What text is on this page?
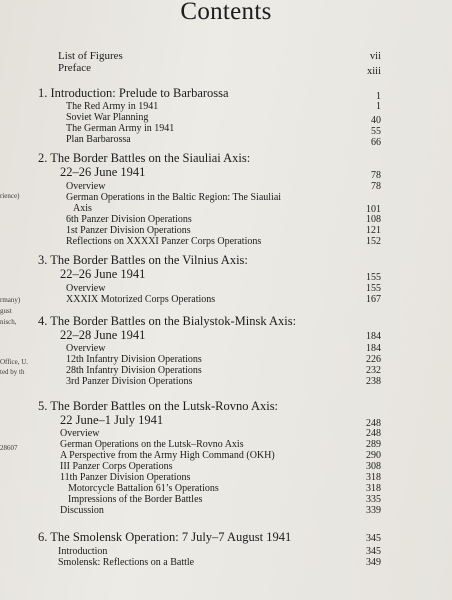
Contents
rience)
rmany)
gust
nisch,
Office, U.
ted by th
28607
List of Figures	vii
Preface	xiii
1. Introduction: Prelude to Barbarossa	1
The Red Army in 1941	1
Soviet War Planning	40
The German Army in 1941	55
Plan Barbarossa	66
2. The Border Battles on the Siauliai Axis:
22–26 June 1941	78
Overview	78
German Operations in the Baltic Region: The Siauliai
Axis	101
6th Panzer Division Operations	108
1st Panzer Division Operations	121
Reflections on XXXXI Panzer Corps Operations	152
3. The Border Battles on the Vilnius Axis:
22–26 June 1941	155
Overview	155
XXXIX Motorized Corps Operations	167
4. The Border Battles on the Bialystok-Minsk Axis:
22–28 June 1941	184
Overview	184
12th Infantry Division Operations	226
28th Infantry Division Operations	232
3rd Panzer Division Operations	238
5. The Border Battles on the Lutsk-Rovno Axis:
22 June–1 July 1941	248
Overview	248
German Operations on the Lutsk–Rovno Axis	289
A Perspective from the Army High Command (OKH)	290
III Panzer Corps Operations	308
11th Panzer Division Operations	318
Motorcycle Battalion 61’s Operations	318
Impressions of the Border Battles	335
Discussion	339
6. The Smolensk Operation: 7 July–7 August 1941	345
Introduction	345
Smolensk: Reflections on a Battle	349
